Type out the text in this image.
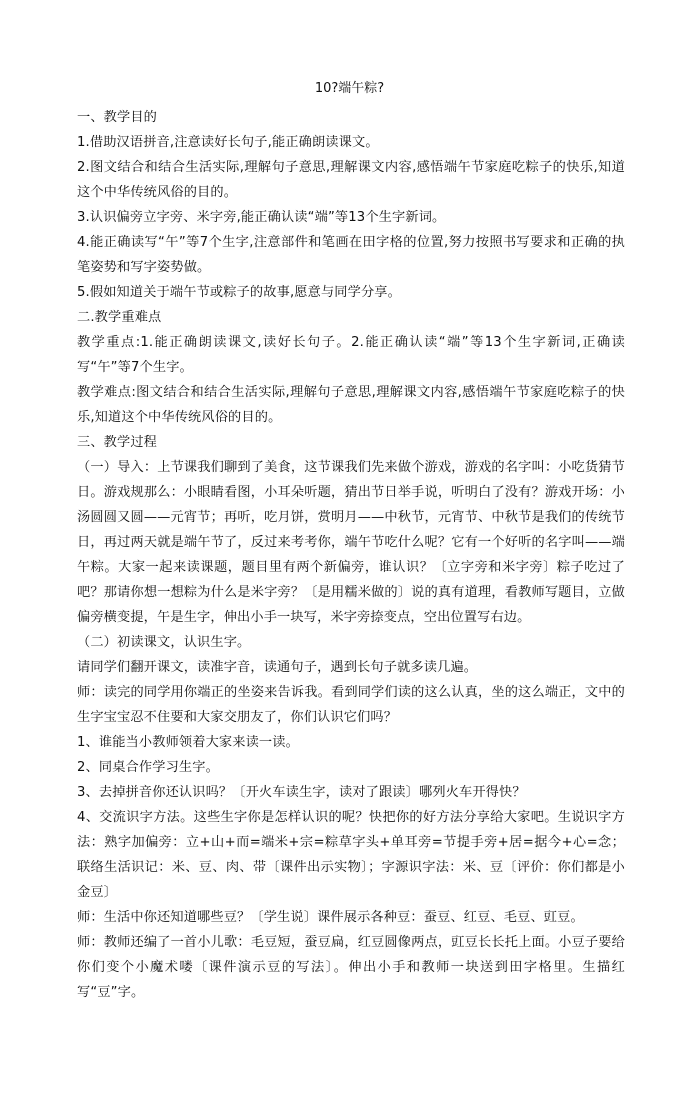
10?端午粽?

一、教学目的

1.借助汉语拼音,注意读好长句子,能正确朗读课文。

2.图文结合和结合生活实际,理解句子意思,理解课文内容,感悟端午节家庭吃粽子的快乐,知道这个中华传统风俗的目的。

3.认识偏旁立字旁、米字旁,能正确认读“端”等13个生字新词。

4.能正确读写“午”等7个生字,注意部件和笔画在田字格的位置,努力按照书写要求和正确的执笔姿势和写字姿势做。

5.假如知道关于端午节或粽子的故事,愿意与同学分享。

二.教学重难点

教学重点:1.能正确朗读课文,读好长句子。2.能正确认读“端”等13个生字新词,正确读写“午”等7个生字。

教学难点:图文结合和结合生活实际,理解句子意思,理解课文内容,感悟端午节家庭吃粽子的快乐,知道这个中华传统风俗的目的。

三、教学过程

（一）导入：上节课我们聊到了美食，这节课我们先来做个游戏，游戏的名字叫：小吃货猜节日。游戏规那么：小眼睛看图，小耳朵听题，猜出节日举手说，听明白了没有？游戏开场：小汤圆圆又圆——元宵节；再听，吃月饼，赏明月——中秋节，元宵节、中秋节是我们的传统节日，再过两天就是端午节了，反过来考考你，端午节吃什么呢？它有一个好听的名字叫——端午粽。大家一起来读课题，题目里有两个新偏旁，谁认识？〔立字旁和米字旁〕粽子吃过了吧？那请你想一想粽为什么是米字旁？〔是用糯米做的〕说的真有道理，看教师写题目，立做偏旁横变提，午是生字，伸出小手一块写，米字旁捺变点，空出位置写右边。

（二）初读课文，认识生字。

请同学们翻开课文，读准字音，读通句子，遇到长句子就多读几遍。

师：读完的同学用你端正的坐姿来告诉我。看到同学们读的这么认真，坐的这么端正，文中的生字宝宝忍不住要和大家交朋友了，你们认识它们吗？

1、谁能当小教师领着大家来读一读。

2、同桌合作学习生字。

3、去掉拼音你还认识吗？〔开火车读生字，读对了跟读〕哪列火车开得快？

4、交流识字方法。这些生字你是怎样认识的呢？快把你的好方法分享给大家吧。生说识字方法：熟字加偏旁：立+山+而=端米+宗=粽草字头+单耳旁=节提手旁+居=据今+心=念；联络生活识记：米、豆、肉、带〔课件出示实物〕；字源识字法：米、豆〔评价：你们都是小金豆〕

师：生活中你还知道哪些豆？〔学生说〕课件展示各种豆：蚕豆、红豆、毛豆、豇豆。

师：教师还编了一首小儿歌：毛豆短，蚕豆扁，红豆圆像两点，豇豆长长托上面。小豆子要给你们变个小魔术喽〔课件演示豆的写法〕。伸出小手和教师一块送到田字格里。生描红写“豆”字。
